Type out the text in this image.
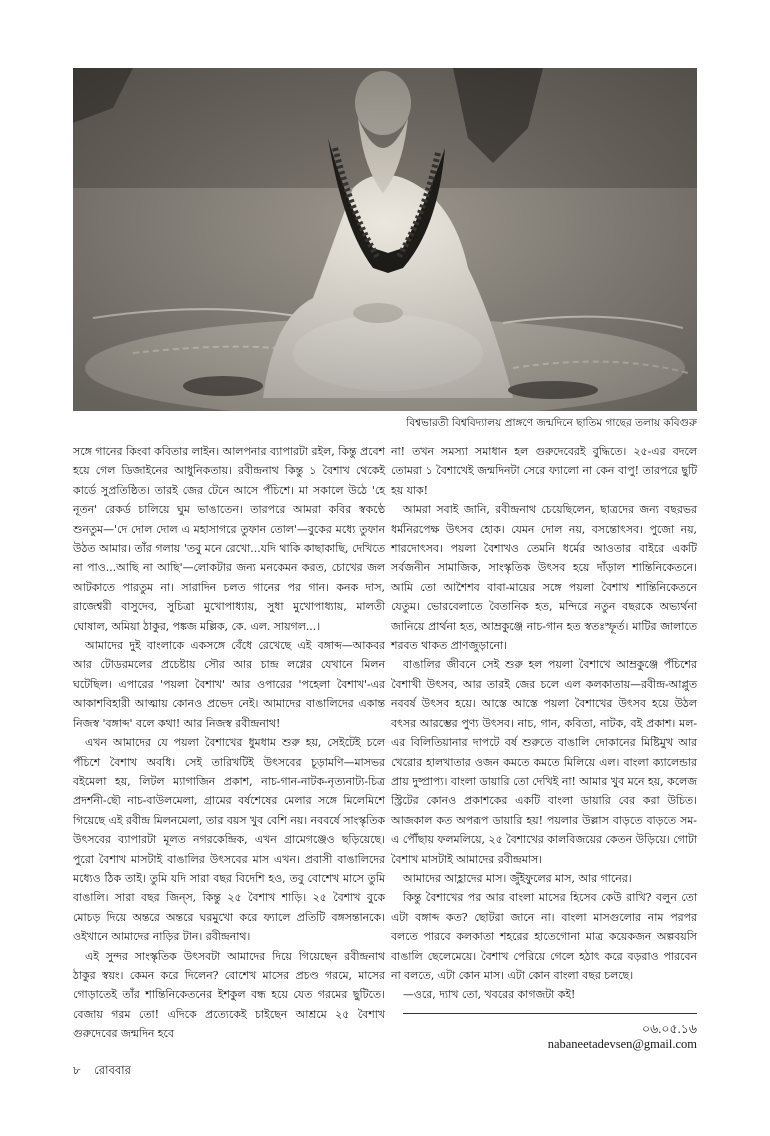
বিশ্বভারতী বিশ্ববিদ্যালয় প্রাঙ্গণে জন্মদিনে ছাতিম গাছের তলায় কবিগুরু

সঙ্গে গানের কিংবা কবিতার লাইন। আলপনার ব্যাপারটা রইল, কিন্তু প্রবেশ হয়ে গেল ডিজাইনের আধুনিকতায়। রবীন্দ্রনাথ কিন্তু ১ বৈশাখ থেকেই কার্ডে সুপ্রতিষ্ঠিত। তারই জের টেনে আসে পঁচিশে। মা সকালে উঠে 'হে নূতন' রেকর্ড চালিয়ে ঘুম ভাঙাতেন। তারপরে আমরা কবির স্বকণ্ঠে শুনতুম—'দে দোল দোল এ মহাসাগরে তুফান তোল'—বুকের মধ্যে তুফান উঠত আমার। তাঁর গলায় 'তবু মনে রেখো...যদি থাকি কাছাকাছি, দেখিতে না পাও...আছি না আছি'—লোকটার জন্য মনকেমন করত, চোখের জল আটকাতে পারতুম না। সারাদিন চলত গানের পর গান। কনক দাস, রাজেশ্বরী বাসুদেব, সুচিত্রা মুখোপাধ্যায়, সুধা মুখোপাধ্যায়, মালতী ঘোষাল, অমিয়া ঠাকুর, পঙ্কজ মল্লিক, কে. এল. সায়গল...।

আমাদের দুই বাংলাকে একসঙ্গে বেঁধে রেখেছে এই বঙ্গাব্দ—আকবর আর টোডরমলের প্রচেষ্টায় সৌর আর চান্দ্র লগ্নের যেখানে মিলন ঘটেছিল। এপারের 'পয়লা বৈশাখ' আর ওপারের 'পহেলা বৈশাখ'-এর আকাশবিহারী আত্মায় কোনও প্রভেদ নেই। আমাদের বাঙালিদের একান্ত নিজস্ব 'বঙ্গাব্দ' বলে কথা! আর নিজস্ব রবীন্দ্রনাথ!

এখন আমাদের যে পয়লা বৈশাখের ধুমধাম শুরু হয়, সেইটেই চলে পঁচিশে বৈশাখ অবধি। সেই তারিখটিই উৎসবের চূড়ামণি—মাসভর বইমেলা হয়, লিটল ম্যাগাজিন প্রকাশ, নাচ-গান-নাটক-নৃত্যনাট্য-চিত্র প্রদর্শনী-ছৌ নাচ-বাউলমেলা, গ্রামের বর্ষশেষের মেলার সঙ্গে মিলেমিশে গিয়েছে এই রবীন্দ্র মিলনমেলা, তার বয়স খুব বেশি নয়। নববর্ষে সাংস্কৃতিক উৎসবের ব্যাপারটা মূলত নগরকেন্দ্রিক, এখন গ্রামেগঞ্জেও ছড়িয়েছে। পুরো বৈশাখ মাসটাই বাঙালির উৎসবের মাস এখন। প্রবাসী বাঙালিদের মধ্যেও ঠিক তাই। তুমি যদি সারা বছর বিদেশি হও, তবু বোশেখ মাসে তুমি বাঙালি। সারা বছর জিন্‌স, কিন্তু ২৫ বৈশাখ শাড়ি। ২৫ বৈশাখ বুকে মোচড় দিয়ে অন্তরে অন্তরে ঘরমুখো করে ফ্যালে প্রতিটি বঙ্গসন্তানকে। ওইখানে আমাদের নাড়ির টান। রবীন্দ্রনাথ।

এই সুন্দর সাংস্কৃতিক উৎসবটা আমাদের দিয়ে গিয়েছেন রবীন্দ্রনাথ ঠাকুর স্বয়ং। কেমন করে দিলেন? বোশেখ মাসের প্রচণ্ড গরমে, মাসের গোড়াতেই তাঁর শান্তিনিকেতনের ইশকুল বন্ধ হয়ে যেত গরমের ছুটিতে। বেজায় গরম তো! এদিকে প্রত্যেকেই চাইছেন আশ্রমে ২৫ বৈশাখ গুরুদেবের জন্মদিন হবে

না! তখন সমস্যা সমাধান হল গুরুদেবেরই বুদ্ধিতে। ২৫-এর বদলে তোমরা ১ বৈশাখেই জন্মদিনটা সেরে ফ্যালো না কেন বাপু! তারপরে ছুটি হয় যাক!

আমরা সবাই জানি, রবীন্দ্রনাথ চেয়েছিলেন, ছাত্রদের জন্য বছরভর ধর্মনিরপেক্ষ উৎসব হোক। যেমন দোল নয়, বসন্তোৎসব। পুজো নয়, শারদোৎসব। পয়লা বৈশাখও তেমনি ধর্মের আওতার বাইরে একটি সর্বজনীন সামাজিক, সাংস্কৃতিক উৎসব হয়ে দাঁড়াল শান্তিনিকেতনে। আমি তো আশৈশব বাবা-মায়ের সঙ্গে পয়লা বৈশাখ শান্তিনিকেতনে যেতুম। ভোরবেলাতে বৈতানিক হত, মন্দিরে নতুন বছরকে অভ্যর্থনা জানিয়ে প্রার্থনা হত, আম্রকুঞ্জে নাচ-গান হত স্বতঃস্ফূর্ত। মাটির জালাতে শরবত থাকত প্রাণজুড়ানো।

বাঙালির জীবনে সেই শুরু হল পয়লা বৈশাখে আম্রকুঞ্জে পঁচিশের বৈশাখী উৎসব, আর তারই জের চলে এল কলকাতায়—রবীন্দ্র-আপ্লুত নববর্ষ উৎসব হয়ে। আস্তে আস্তে পয়লা বৈশাখের উৎসব হয়ে উঠল বৎসর আরম্ভের পুণ্য উৎসব। নাচ, গান, কবিতা, নাটক, বই প্রকাশ। মল-এর বিলিতিয়ানার দাপটে বর্ষ শুরুতে বাঙালি দোকানের মিষ্টিমুখ আর খেরোর হালখাতার ওজন কমতে কমতে মিলিয়ে এল। বাংলা ক্যালেন্ডার প্রায় দুষ্প্রাপ্য। বাংলা ডায়ারি তো দেখিই না! আমার খুব মনে হয়, কলেজ স্ট্রিটের কোনও প্রকাশকের একটি বাংলা ডায়ারি বের করা উচিত। আজকাল কত অপরূপ ডায়ারি হয়! পয়লার উল্লাস বাড়তে বাড়তে সম-এ পৌঁছায় ফলমলিয়ে, ২৫ বৈশাখের কালবিজয়ের কেতন উড়িয়ে। গোটা বৈশাখ মাসটাই আমাদের রবীন্দ্রমাস।

আমাদের আহ্লাদের মাস। জুঁইফুলের মাস, আর গানের।

কিন্তু বৈশাখের পর আর বাংলা মাসের হিসেব কেউ রাখি? বলুন তো এটা বঙ্গাব্দ কত? ছোটরা জানে না। বাংলা মাসগুলোর নাম পরপর বলতে পারবে কলকাতা শহরের হাতেগোনা মাত্র কয়েকজন অল্পবয়সি বাঙালি ছেলেমেয়ে। বৈশাখ পেরিয়ে গেলে হঠাৎ করে বড়রাও পারবেন না বলতে, এটা কোন মাস। এটা কোন বাংলা বছর চলছে।

—ওরে, দ্যাখ তো, খবরের কাগজটা কই!

০৬.০৫.১৬
nabaneetadevsen@gmail.com
৮ রোববার
